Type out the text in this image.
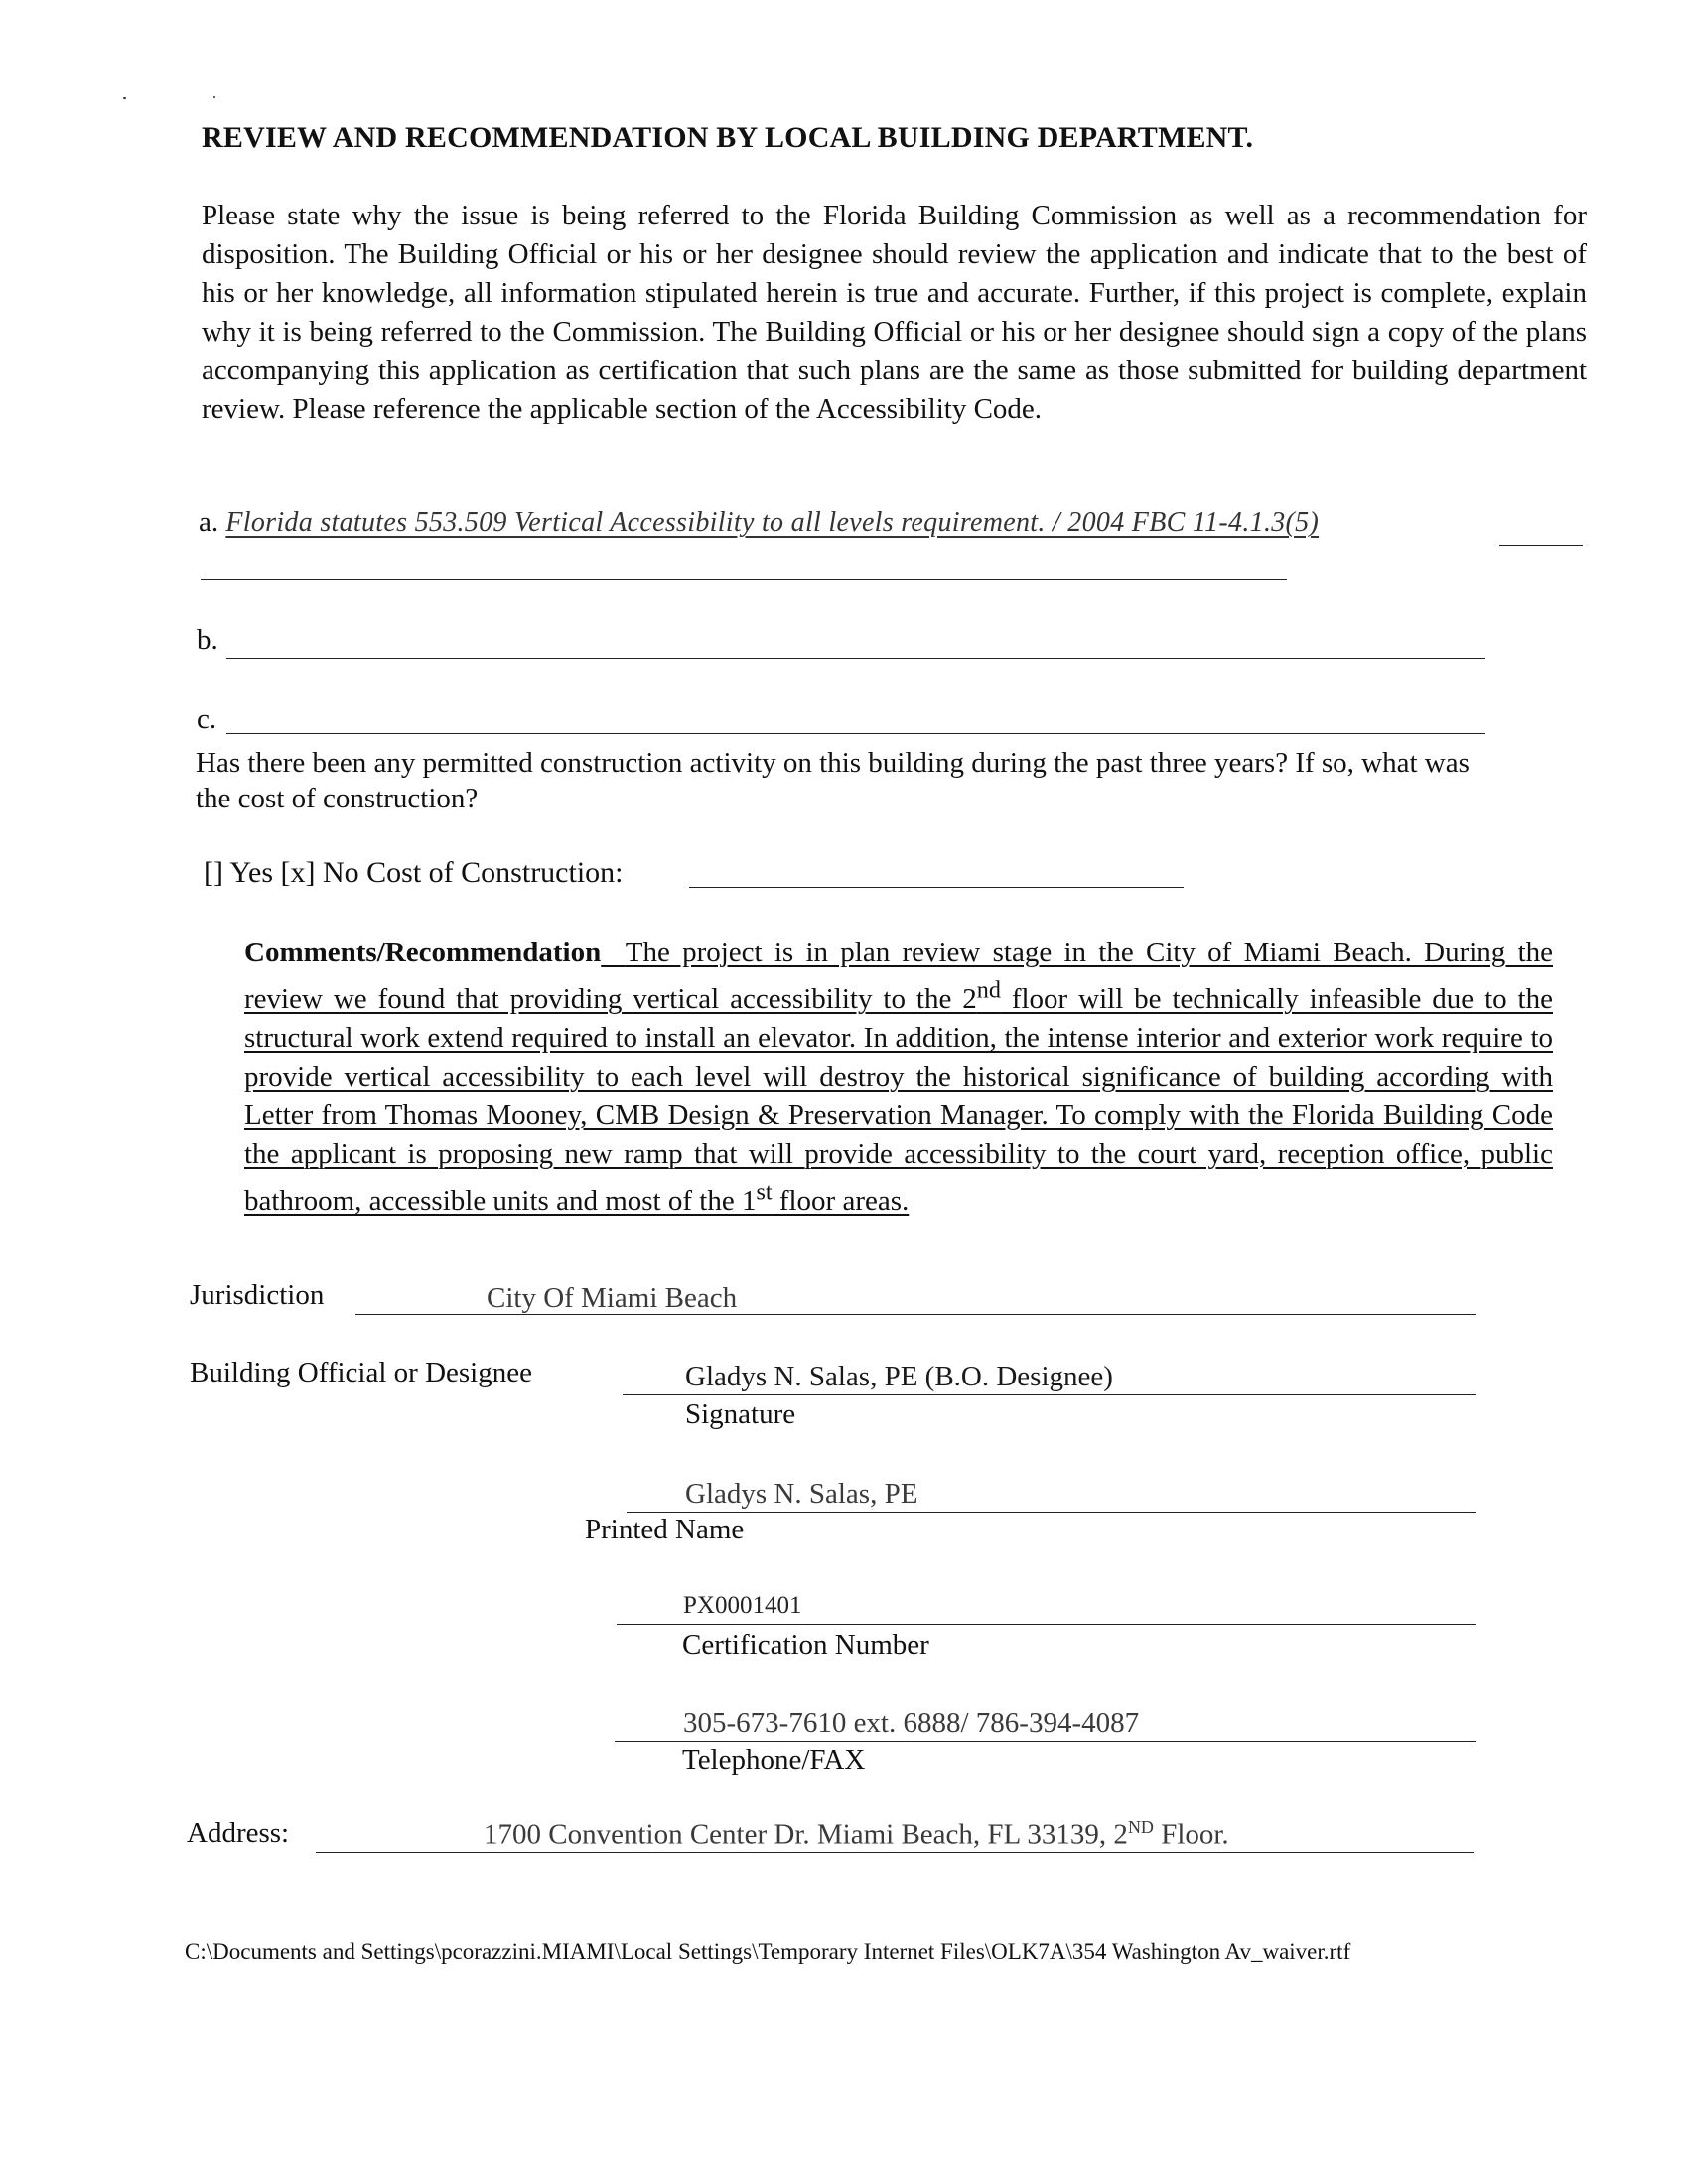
REVIEW AND RECOMMENDATION BY LOCAL BUILDING DEPARTMENT.
Please state why the issue is being referred to the Florida Building Commission as well as a recommendation for disposition. The Building Official or his or her designee should review the application and indicate that to the best of his or her knowledge, all information stipulated herein is true and accurate. Further, if this project is complete, explain why it is being referred to the Commission. The Building Official or his or her designee should sign a copy of the plans accompanying this application as certification that such plans are the same as those submitted for building department review. Please reference the applicable section of the Accessibility Code.
a. Florida statutes 553.509 Vertical Accessibility to all levels requirement. / 2004 FBC 11-4.1.3(5)
b.
c.
Has there been any permitted construction activity on this building during the past three years? If so, what was the cost of construction?
[] Yes [x] No Cost of Construction:
Comments/Recommendation The project is in plan review stage in the City of Miami Beach. During the review we found that providing vertical accessibility to the 2nd floor will be technically infeasible due to the structural work extend required to install an elevator. In addition, the intense interior and exterior work require to provide vertical accessibility to each level will destroy the historical significance of building according with Letter from Thomas Mooney, CMB Design & Preservation Manager. To comply with the Florida Building Code the applicant is proposing new ramp that will provide accessibility to the court yard, reception office, public bathroom, accessible units and most of the 1st floor areas.
Jurisdiction	City Of Miami Beach
Building Official or Designee	Gladys N. Salas, PE (B.O. Designee)
Signature
Gladys N. Salas, PE
Printed Name
PX0001401
Certification Number
305-673-7610 ext. 6888/ 786-394-4087
Telephone/FAX
Address:	1700 Convention Center Dr. Miami Beach, FL 33139, 2ND Floor.
C:\Documents and Settings\pcorazzini.MIAMI\Local Settings\Temporary Internet Files\OLK7A\354 Washington Av_waiver.rtf
